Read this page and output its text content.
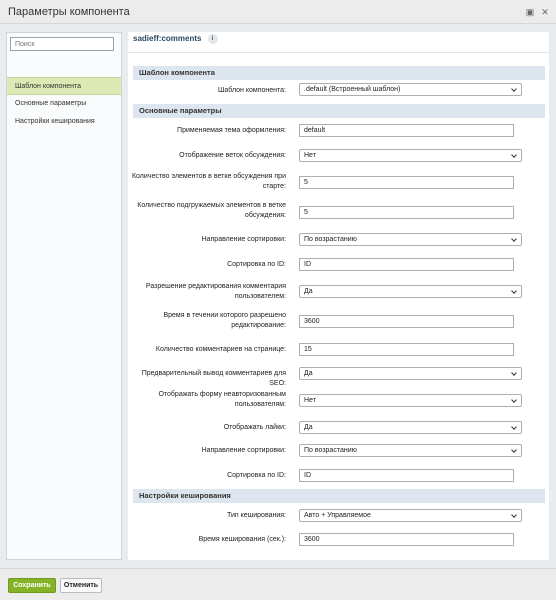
Параметры компонента	▣ ✕
Поиск
Шаблон компонента
Основные параметры
Настройки кеширования
sadieff:comments i
Шаблон компонента
Шаблон компонента:	.default (Встроенный шаблон)
Основные параметры
Применяемая тема оформления:	default
Отображение веток обсуждения:	Нет
Количество элементов в ветке обсуждения при старте:
5
Количество подгружаемых элементов в ветке обсуждения:	5
Направление сортировки:	По возрастанию
Сортировка по ID:	ID
Разрешение редактирования комментария пользователем:
Да
Время в течении которого разрешено редактирование:
3600
Количество комментариев на странице:	15
Предварительный вывод комментариев для SEO:
Да
Отображать форму неавторизованным пользователям:
Нет
Отображать лайки:	Да
Направление сортировки:	По возрастанию
Сортировка по ID:	ID
Настройки кеширования
Тип кеширования:	Авто + Управляемое
Время кеширования (сек.):	3600
Сохранить	Отменить
